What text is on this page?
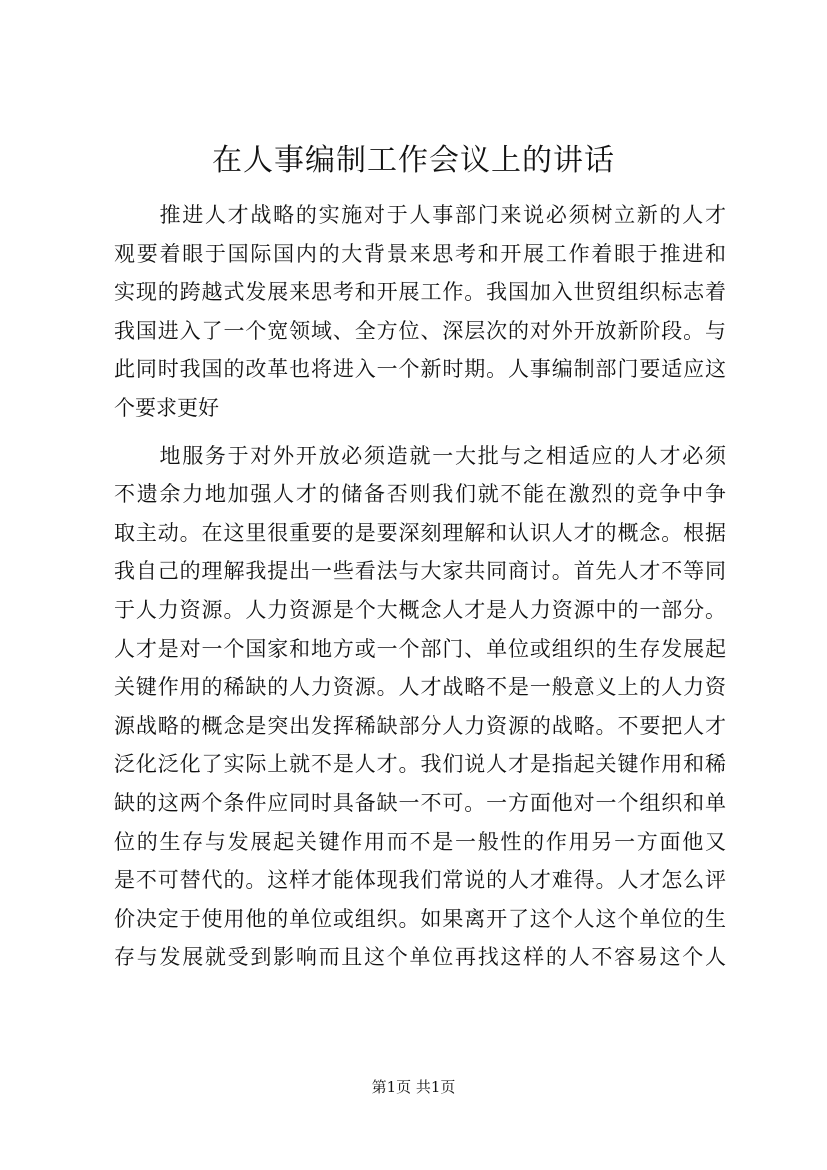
在人事编制工作会议上的讲话
　　推进人才战略的实施对于人事部门来说必须树立新的人才
观要着眼于国际国内的大背景来思考和开展工作着眼于推进和
实现的跨越式发展来思考和开展工作。我国加入世贸组织标志着
我国进入了一个宽领域、全方位、深层次的对外开放新阶段。与
此同时我国的改革也将进入一个新时期。人事编制部门要适应这
个要求更好
　　地服务于对外开放必须造就一大批与之相适应的人才必须
不遗余力地加强人才的储备否则我们就不能在激烈的竞争中争
取主动。在这里很重要的是要深刻理解和认识人才的概念。根据
我自己的理解我提出一些看法与大家共同商讨。首先人才不等同
于人力资源。人力资源是个大概念人才是人力资源中的一部分。
人才是对一个国家和地方或一个部门、单位或组织的生存发展起
关键作用的稀缺的人力资源。人才战略不是一般意义上的人力资
源战略的概念是突出发挥稀缺部分人力资源的战略。不要把人才
泛化泛化了实际上就不是人才。我们说人才是指起关键作用和稀
缺的这两个条件应同时具备缺一不可。一方面他对一个组织和单
位的生存与发展起关键作用而不是一般性的作用另一方面他又
是不可替代的。这样才能体现我们常说的人才难得。人才怎么评
价决定于使用他的单位或组织。如果离开了这个人这个单位的生
存与发展就受到影响而且这个单位再找这样的人不容易这个人
第1页 共1页
